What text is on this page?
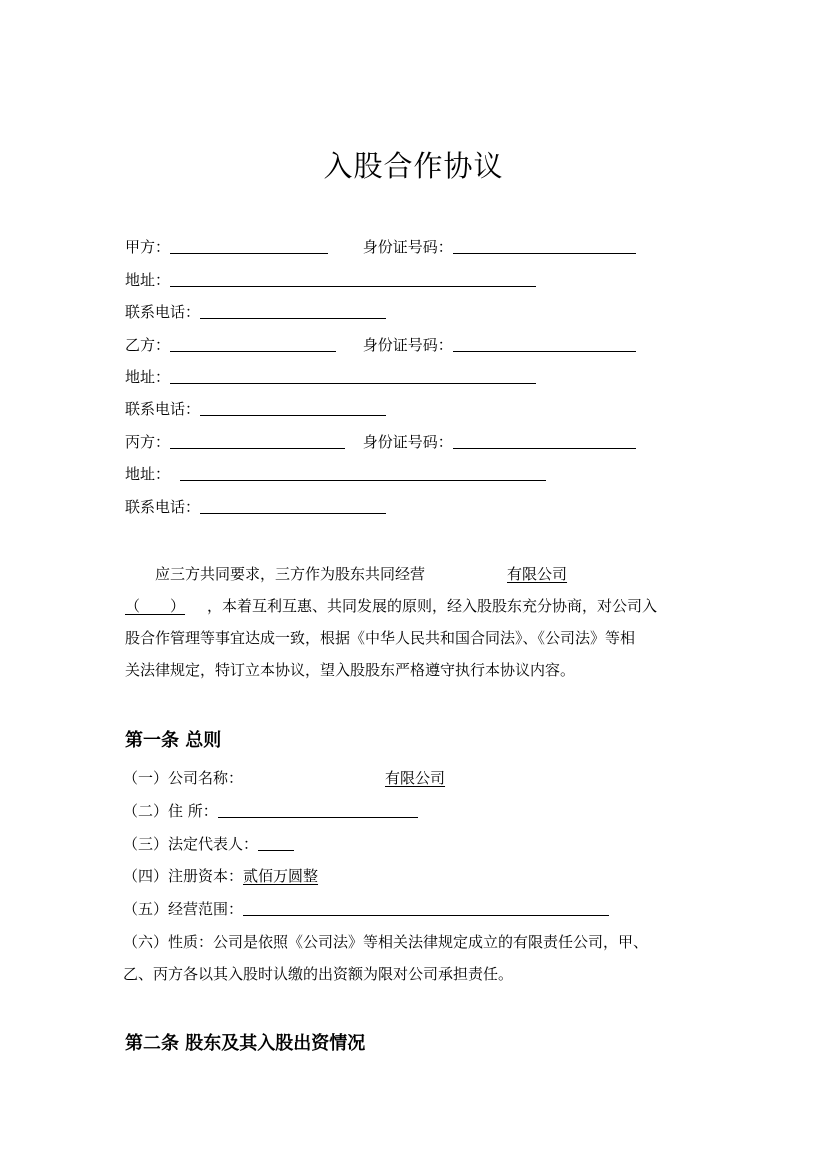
入股合作协议
甲方：	身份证号码：
地址：
联系电话：
乙方：	身份证号码：
地址：
联系电话：
丙方：	身份证号码：
地址：
联系电话：
应三方共同要求，三方作为股东共同经营	有限公司
（　　） ，本着互利互惠、共同发展的原则，经入股股东充分协商，对公司入
股合作管理等事宜达成一致，根据《中华人民共和国合同法》、《公司法》等相
关法律规定，特订立本协议，望入股股东严格遵守执行本协议内容。
第一条 总则
（一）公司名称：	有限公司
（二）住 所：
（三）法定代表人：
（四）注册资本：贰佰万圆整
（五）经营范围：
（六）性质：公司是依照《公司法》等相关法律规定成立的有限责任公司，甲、
乙、丙方各以其入股时认缴的出资额为限对公司承担责任。
第二条 股东及其入股出资情况
